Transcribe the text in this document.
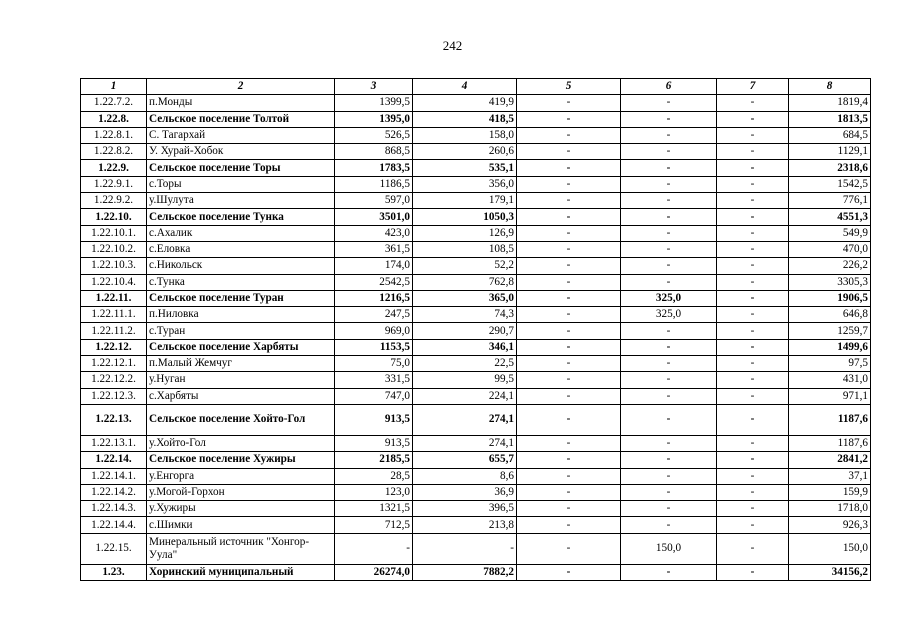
242
1	2	3	4	5	6	7	8
1.22.7.2.	п.Монды	1399,5	419,9	-	-	-	1819,4
1.22.8.	Сельское поселение Толтой	1395,0	418,5	-	-	-	1813,5
1.22.8.1.	С. Тагархай	526,5	158,0	-	-	-	684,5
1.22.8.2.	У. Хурай-Хобок	868,5	260,6	-	-	-	1129,1
1.22.9.	Сельское поселение Торы	1783,5	535,1	-	-	-	2318,6
1.22.9.1.	с.Торы	1186,5	356,0	-	-	-	1542,5
1.22.9.2.	у.Шулута	597,0	179,1	-	-	-	776,1
1.22.10.	Сельское поселение Тунка	3501,0	1050,3	-	-	-	4551,3
1.22.10.1.	с.Ахалик	423,0	126,9	-	-	-	549,9
1.22.10.2.	с.Еловка	361,5	108,5	-	-	-	470,0
1.22.10.3.	с.Никольск	174,0	52,2	-	-	-	226,2
1.22.10.4.	с.Тунка	2542,5	762,8	-	-	-	3305,3
1.22.11.	Сельское поселение Туран	1216,5	365,0	-	325,0	-	1906,5
1.22.11.1.	п.Ниловка	247,5	74,3	-	325,0	-	646,8
1.22.11.2.	с.Туран	969,0	290,7	-	-	-	1259,7
1.22.12.	Сельское поселение Харбяты	1153,5	346,1	-	-	-	1499,6
1.22.12.1.	п.Малый Жемчуг	75,0	22,5	-	-	-	97,5
1.22.12.2.	у.Нуган	331,5	99,5	-	-	-	431,0
1.22.12.3.	с.Харбяты	747,0	224,1	-	-	-	971,1
1.22.13.	Сельское поселение Хойто-Гол	913,5	274,1	-	-	-	1187,6
1.22.13.1.	у.Хойто-Гол	913,5	274,1	-	-	-	1187,6
1.22.14.	Сельское поселение Хужиры	2185,5	655,7	-	-	-	2841,2
1.22.14.1.	у.Енгорга	28,5	8,6	-	-	-	37,1
1.22.14.2.	у.Могой-Горхон	123,0	36,9	-	-	-	159,9
1.22.14.3.	у.Хужиры	1321,5	396,5	-	-	-	1718,0
1.22.14.4.	с.Шимки	712,5	213,8	-	-	-	926,3
1.22.15.	Минеральный источник "Хонгор-Уула"	-	-	-	150,0	-	150,0
1.23.	Хоринский муниципальный	26274,0	7882,2	-	-	-	34156,2
